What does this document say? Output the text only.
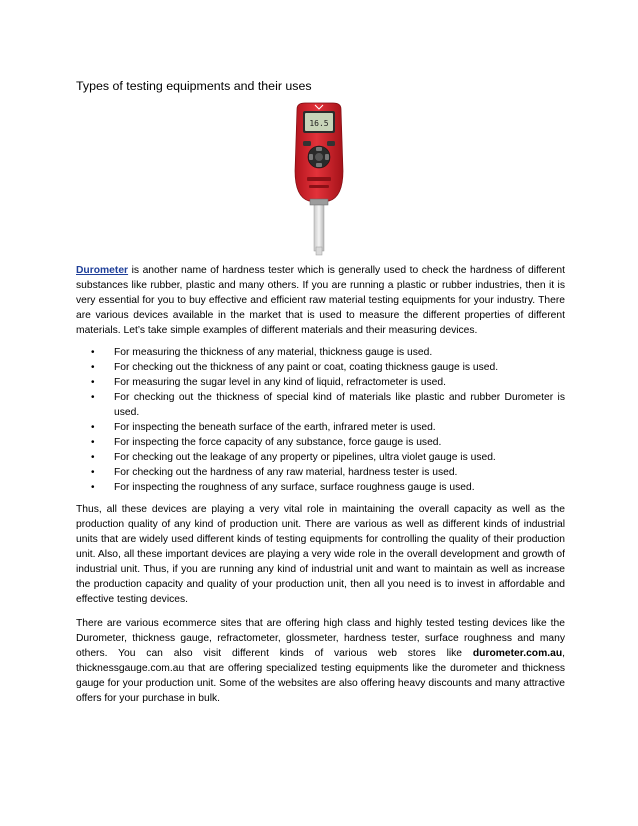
Types of testing equipments and their uses
16.5

Durometer is another name of hardness tester which is generally used to check the hardness of different substances like rubber, plastic and many others. If you are running a plastic or rubber industries, then it is very essential for you to buy effective and efficient raw material testing equipments for your industry. There are various devices available in the market that is used to measure the different properties of different materials. Let’s take simple examples of different materials and their measuring devices.

• For measuring the thickness of any material, thickness gauge is used.
• For checking out the thickness of any paint or coat, coating thickness gauge is used.
• For measuring the sugar level in any kind of liquid, refractometer is used.
• For checking out the thickness of special kind of materials like plastic and rubber Durometer is used.
• For inspecting the beneath surface of the earth, infrared meter is used.
• For inspecting the force capacity of any substance, force gauge is used.
• For checking out the leakage of any property or pipelines, ultra violet gauge is used.
• For checking out the hardness of any raw material, hardness tester is used.
• For inspecting the roughness of any surface, surface roughness gauge is used.

Thus, all these devices are playing a very vital role in maintaining the overall capacity as well as the production quality of any kind of production unit. There are various as well as different kinds of industrial units that are widely used different kinds of testing equipments for controlling the quality of their production unit. Also, all these important devices are playing a very wide role in the overall development and growth of industrial unit. Thus, if you are running any kind of industrial unit and want to maintain as well as increase the production capacity and quality of your production unit, then all you need is to invest in affordable and effective testing devices.

There are various ecommerce sites that are offering high class and highly tested testing devices like the Durometer, thickness gauge, refractometer, glossmeter, hardness tester, surface roughness and many others. You can also visit different kinds of various web stores like durometer.com.au, thicknessgauge.com.au that are offering specialized testing equipments like the durometer and thickness gauge for your production unit. Some of the websites are also offering heavy discounts and many attractive offers for your purchase in bulk.
